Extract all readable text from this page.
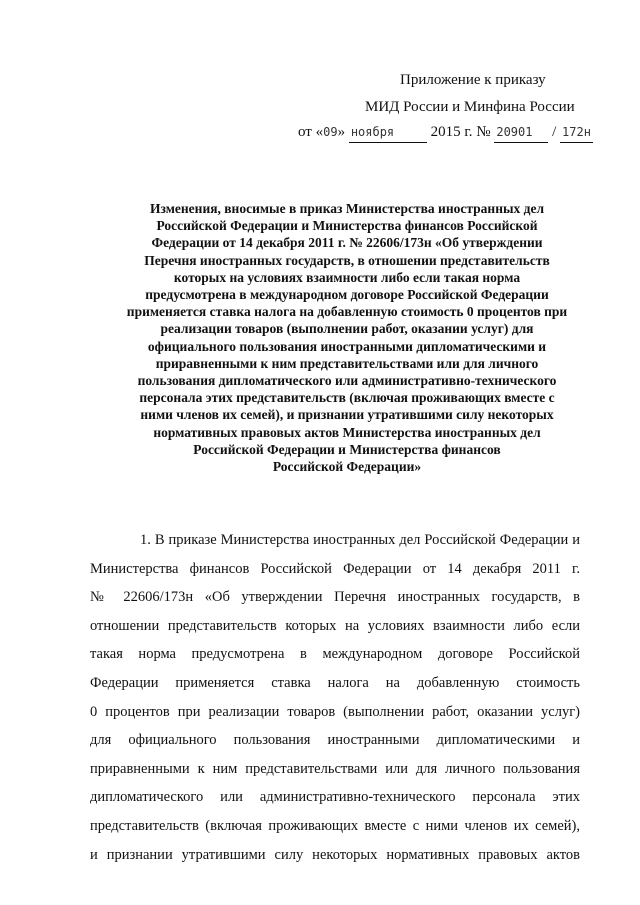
Приложение к приказу
МИД России и Минфина России
от «09» ноября 2015 г. № 20901 / 172н
Изменения, вносимые в приказ Министерства иностранных дел
Российской Федерации и Министерства финансов Российской
Федерации от 14 декабря 2011 г. № 22606/173н «Об утверждении
Перечня иностранных государств, в отношении представительств
которых на условиях взаимности либо если такая норма
предусмотрена в международном договоре Российской Федерации
применяется ставка налога на добавленную стоимость 0 процентов при
реализации товаров (выполнении работ, оказании услуг) для
официального пользования иностранными дипломатическими и
приравненными к ним представительствами или для личного
пользования дипломатического или административно-технического
персонала этих представительств (включая проживающих вместе с
ними членов их семей), и признании утратившими силу некоторых
нормативных правовых актов Министерства иностранных дел
Российской Федерации и Министерства финансов
Российской Федерации»
1. В приказе Министерства иностранных дел Российской Федерации и
Министерства финансов Российской Федерации от 14 декабря 2011 г.
№ 22606/173н «Об утверждении Перечня иностранных государств, в
отношении представительств которых на условиях взаимности либо если
такая норма предусмотрена в международном договоре Российской
Федерации применяется ставка налога на добавленную стоимость
0 процентов при реализации товаров (выполнении работ, оказании услуг)
для официального пользования иностранными дипломатическими и
приравненными к ним представительствами или для личного пользования
дипломатического или административно-технического персонала этих
представительств (включая проживающих вместе с ними членов их семей),
и признании утратившими силу некоторых нормативных правовых актов
